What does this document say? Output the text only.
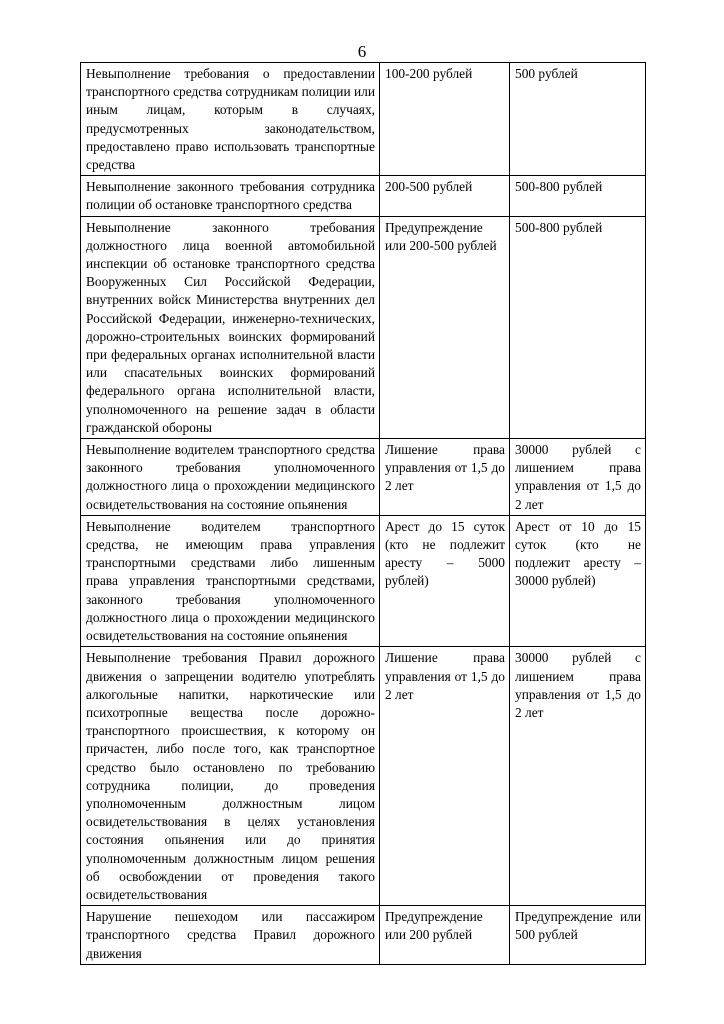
6
Невыполнение требования о предоставлении транспортного средства сотрудникам полиции или иным лицам, которым в случаях, предусмотренных законодательством, предоставлено право использовать транспортные средства	100-200 рублей	500 рублей
Невыполнение законного требования сотрудника полиции об остановке транспортного средства	200-500 рублей	500-800 рублей
Невыполнение законного требования должностного лица военной автомобильной инспекции об остановке транспортного средства Вооруженных Сил Российской Федерации, внутренних войск Министерства внутренних дел Российской Федерации, инженерно-технических, дорожно-строительных воинских формирований при федеральных органах исполнительной власти или спасательных воинских формирований федерального органа исполнительной власти, уполномоченного на решение задач в области гражданской обороны	Предупреждение или 200-500 рублей	500-800 рублей
Невыполнение водителем транспортного средства законного требования уполномоченного должностного лица о прохождении медицинского освидетельствования на состояние опьянения	Лишение права управления от 1,5 до 2 лет	30000 рублей с лишением права управления от 1,5 до 2 лет
Невыполнение водителем транспортного средства, не имеющим права управления транспортными средствами либо лишенным права управления транспортными средствами, законного требования уполномоченного должностного лица о прохождении медицинского освидетельствования на состояние опьянения	Арест до 15 суток (кто не подлежит аресту – 5000 рублей)	Арест от 10 до 15 суток (кто не подлежит аресту – 30000 рублей)
Невыполнение требования Правил дорожного движения о запрещении водителю употреблять алкогольные напитки, наркотические или психотропные вещества после дорожно-транспортного происшествия, к которому он причастен, либо после того, как транспортное средство было остановлено по требованию сотрудника полиции, до проведения уполномоченным должностным лицом освидетельствования в целях установления состояния опьянения или до принятия уполномоченным должностным лицом решения об освобождении от проведения такого освидетельствования	Лишение права управления от 1,5 до 2 лет	30000 рублей с лишением права управления от 1,5 до 2 лет
Нарушение пешеходом или пассажиром транспортного средства Правил дорожного движения	Предупреждение или 200 рублей	Предупреждение или 500 рублей
